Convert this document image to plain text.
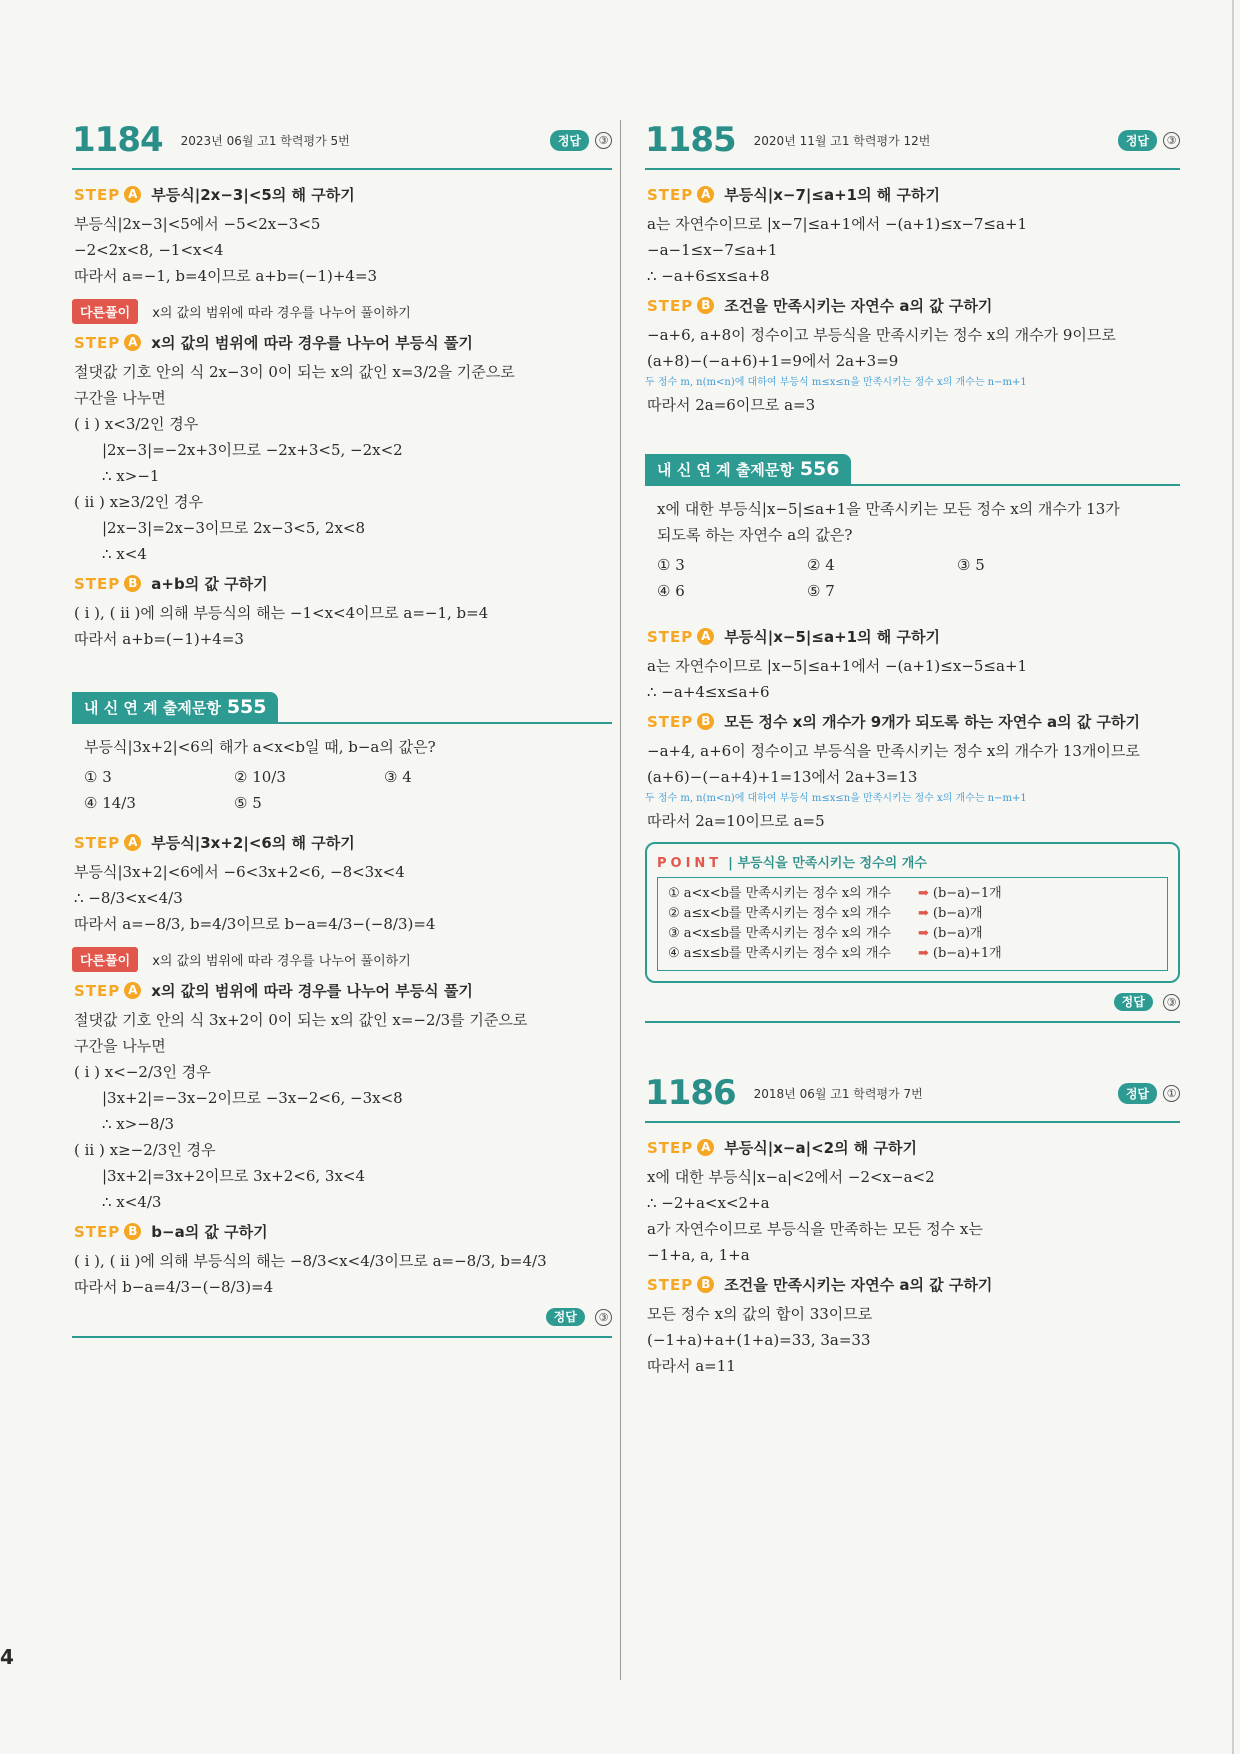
4
1184 2023년 06월 고1 학력평가 5번	정답	③
STEP A 부등식|2x−3|<5의 해 구하기
부등식|2x−3|<5에서 −5<2x−3<5
−2<2x<8, −1<x<4
따라서 a=−1, b=4이므로 a+b=(−1)+4=3
다른풀이	x의 값의 범위에 따라 경우를 나누어 풀이하기
STEP A x의 값의 범위에 따라 경우를 나누어 부등식 풀기
절댓값 기호 안의 식 2x−3이 0이 되는 x의 값인 x=3/2을 기준으로
구간을 나누면
( i ) x<3/2인 경우
|2x−3|=−2x+3이므로 −2x+3<5, −2x<2
∴ x>−1
( ii ) x≥3/2인 경우
|2x−3|=2x−3이므로 2x−3<5, 2x<8
∴ x<4
STEP B a+b의 값 구하기
( i ), ( ii )에 의해 부등식의 해는 −1<x<4이므로 a=−1, b=4
따라서 a+b=(−1)+4=3
내 신 연 계 출제문항 555
부등식|3x+2|<6의 해가 a<x<b일 때, b−a의 값은?
① 3	② 10/3	③ 4
④ 14/3	⑤ 5
STEP A 부등식|3x+2|<6의 해 구하기
부등식|3x+2|<6에서 −6<3x+2<6, −8<3x<4
∴ −8/3<x<4/3
따라서 a=−8/3, b=4/3이므로 b−a=4/3−(−8/3)=4
다른풀이	x의 값의 범위에 따라 경우를 나누어 풀이하기
STEP A x의 값의 범위에 따라 경우를 나누어 부등식 풀기
절댓값 기호 안의 식 3x+2이 0이 되는 x의 값인 x=−2/3를 기준으로
구간을 나누면
( i ) x<−2/3인 경우
|3x+2|=−3x−2이므로 −3x−2<6, −3x<8
∴ x>−8/3
( ii ) x≥−2/3인 경우
|3x+2|=3x+2이므로 3x+2<6, 3x<4
∴ x<4/3
STEP B b−a의 값 구하기
( i ), ( ii )에 의해 부등식의 해는 −8/3<x<4/3이므로 a=−8/3, b=4/3
따라서 b−a=4/3−(−8/3)=4
정답 ③
1185 2020년 11월 고1 학력평가 12번	정답	③
STEP A 부등식|x−7|≤a+1의 해 구하기
a는 자연수이므로 |x−7|≤a+1에서 −(a+1)≤x−7≤a+1
−a−1≤x−7≤a+1
∴ −a+6≤x≤a+8
STEP B 조건을 만족시키는 자연수 a의 값 구하기
−a+6, a+8이 정수이고 부등식을 만족시키는 정수 x의 개수가 9이므로
(a+8)−(−a+6)+1=9에서 2a+3=9
두 정수 m, n(m<n)에 대하여 부등식 m≤x≤n을 만족시키는 정수 x의 개수는 n−m+1
따라서 2a=6이므로 a=3
내 신 연 계 출제문항 556
x에 대한 부등식|x−5|≤a+1을 만족시키는 모든 정수 x의 개수가 13가
되도록 하는 자연수 a의 값은?
① 3	② 4	③ 5
④ 6	⑤ 7
STEP A 부등식|x−5|≤a+1의 해 구하기
a는 자연수이므로 |x−5|≤a+1에서 −(a+1)≤x−5≤a+1
∴ −a+4≤x≤a+6
STEP B 모든 정수 x의 개수가 9개가 되도록 하는 자연수 a의 값 구하기
−a+4, a+6이 정수이고 부등식을 만족시키는 정수 x의 개수가 13개이므로
(a+6)−(−a+4)+1=13에서 2a+3=13
두 정수 m, n(m<n)에 대하여 부등식 m≤x≤n을 만족시키는 정수 x의 개수는 n−m+1
따라서 2a=10이므로 a=5
POINT | 부등식을 만족시키는 정수의 개수
① a<x<b를 만족시키는 정수 x의 개수	➡ (b−a)−1개
② a≤x<b를 만족시키는 정수 x의 개수	➡ (b−a)개
③ a<x≤b를 만족시키는 정수 x의 개수	➡ (b−a)개
④ a≤x≤b를 만족시키는 정수 x의 개수	➡ (b−a)+1개
정답 ③
1186 2018년 06월 고1 학력평가 7번	정답	①
STEP A 부등식|x−a|<2의 해 구하기
x에 대한 부등식|x−a|<2에서 −2<x−a<2
∴ −2+a<x<2+a
a가 자연수이므로 부등식을 만족하는 모든 정수 x는
−1+a, a, 1+a
STEP B 조건을 만족시키는 자연수 a의 값 구하기
모든 정수 x의 값의 합이 33이므로
(−1+a)+a+(1+a)=33, 3a=33
따라서 a=11
